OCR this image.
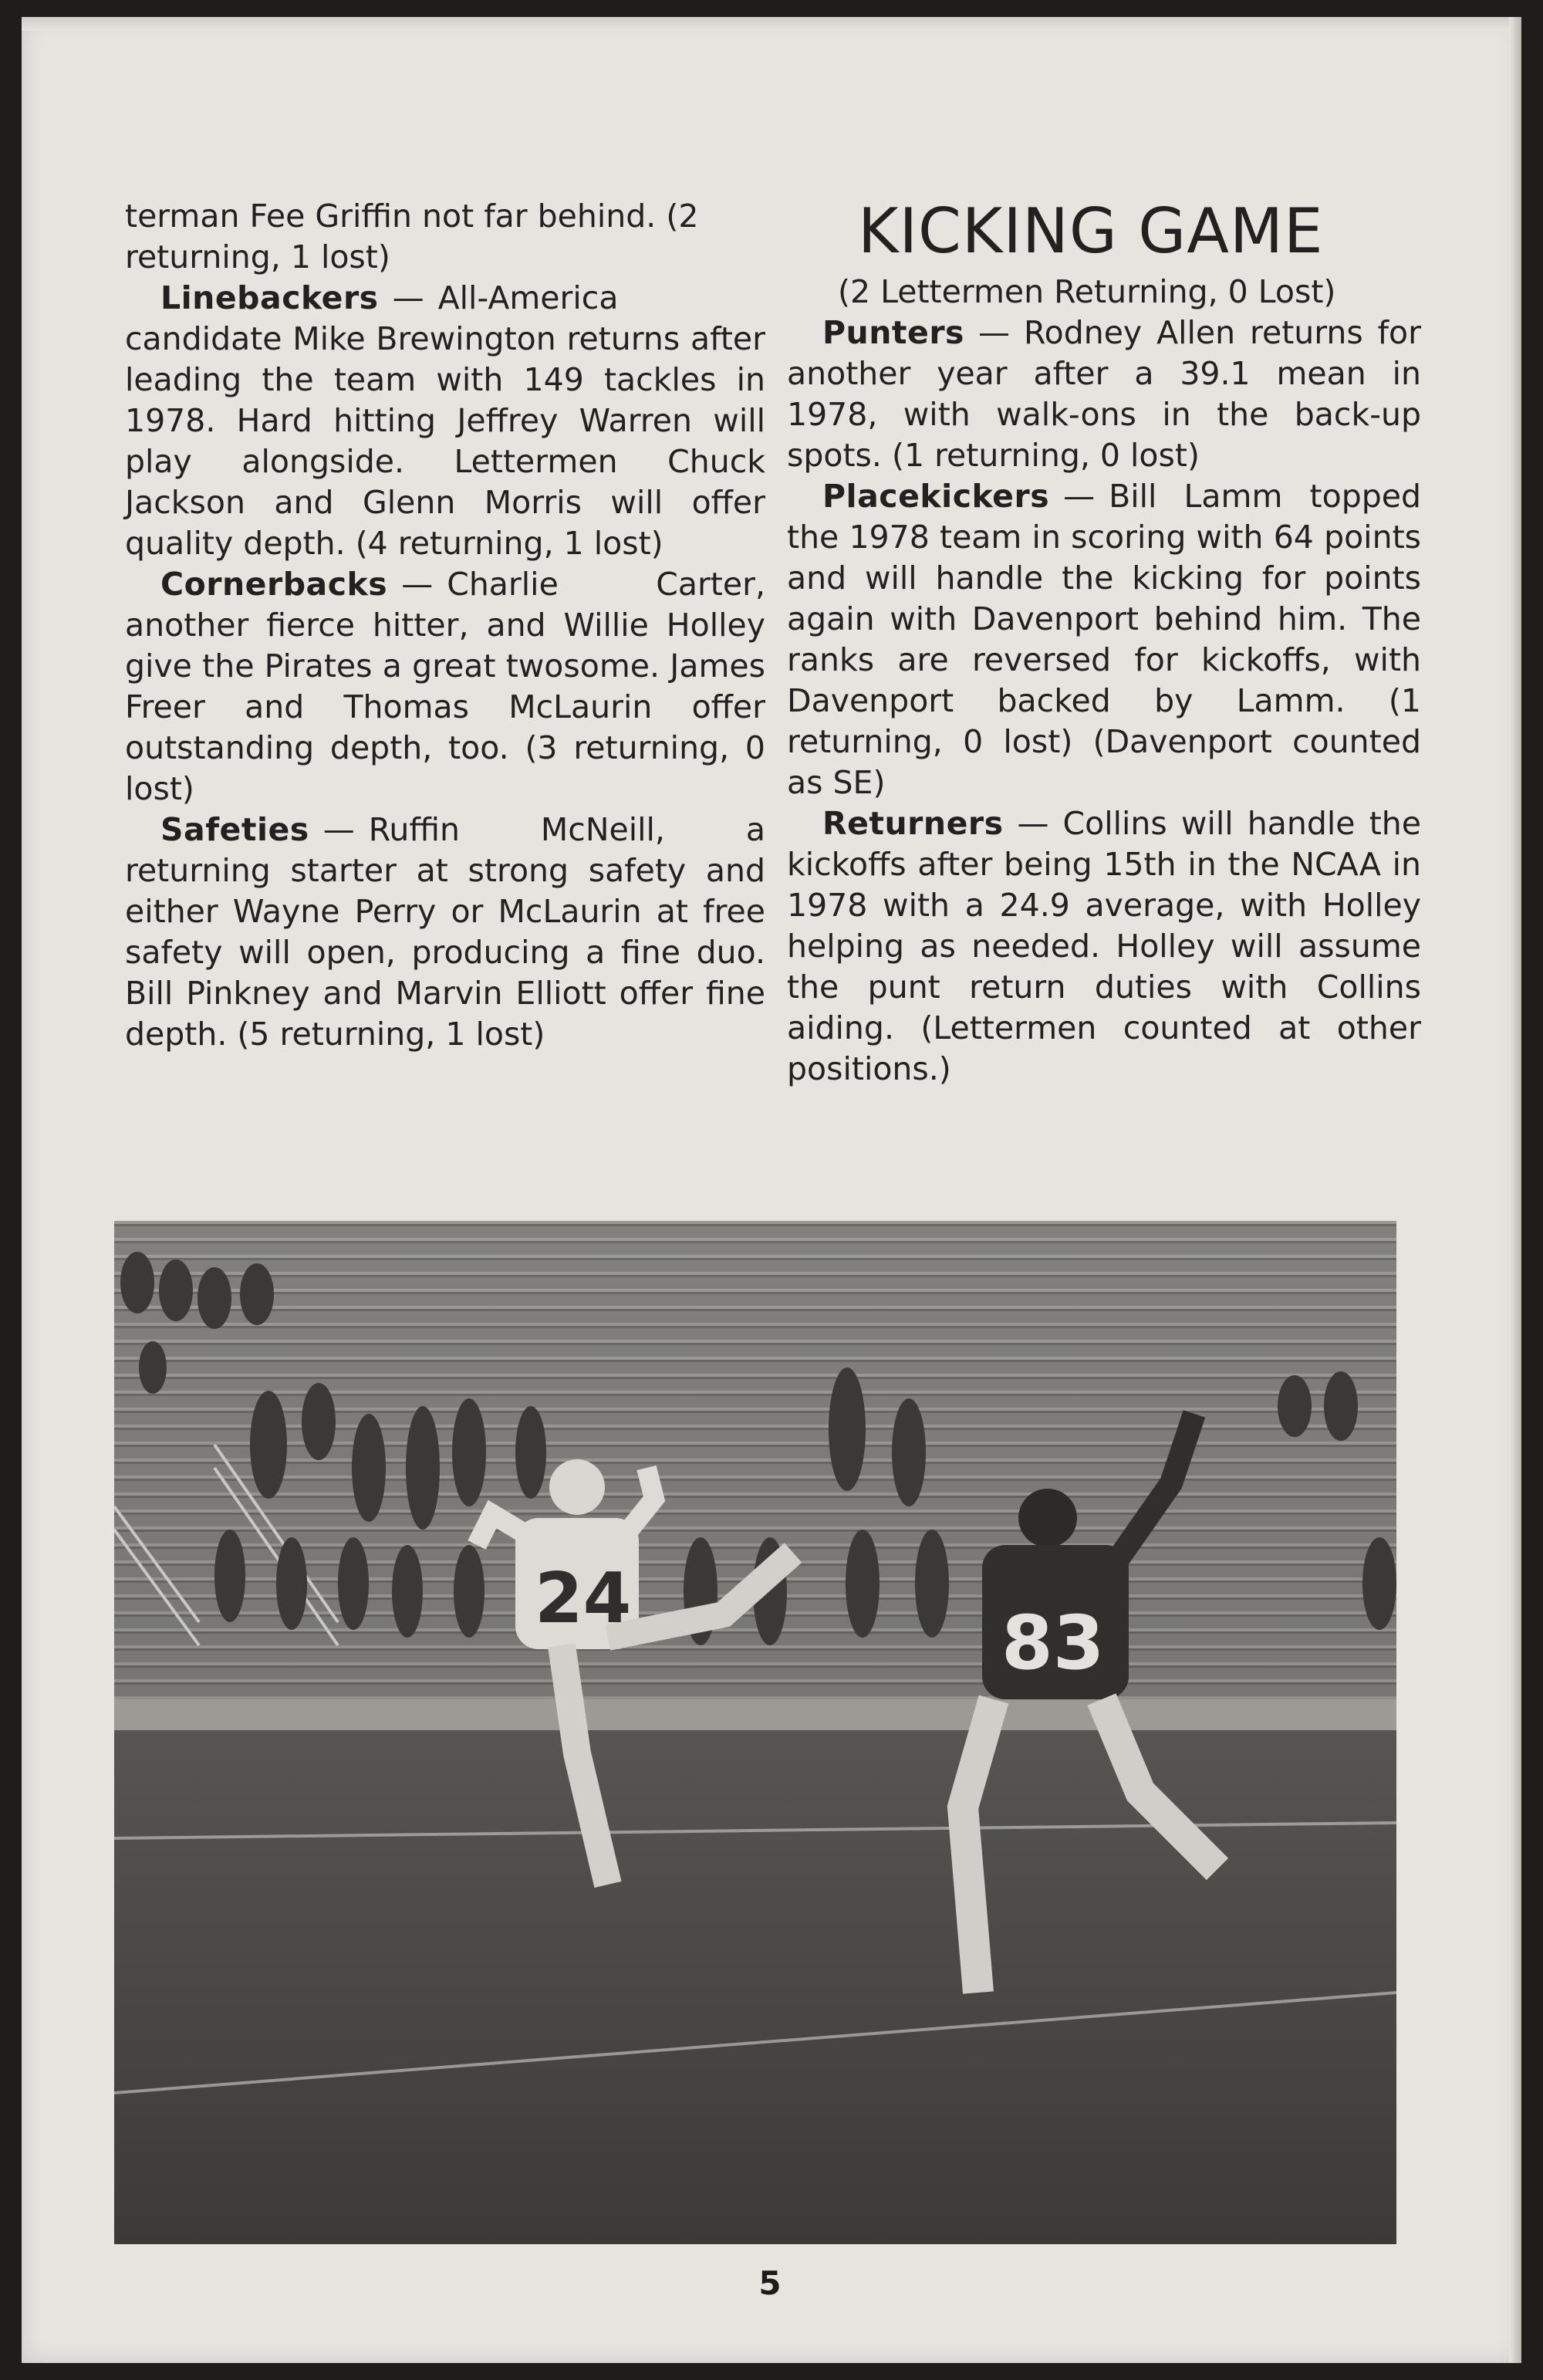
terman Fee Griffin not far behind. (2 returning, 1 lost)

Linebackers — All-America candidate Mike Brewington returns after leading the team with 149 tackles in 1978. Hard hitting Jeffrey Warren will play alongside. Lettermen Chuck Jackson and Glenn Morris will offer quality depth. (4 returning, 1 lost)

Cornerbacks — Charlie Carter, another fierce hitter, and Willie Holley give the Pirates a great twosome. James Freer and Thomas McLaurin offer outstanding depth, too. (3 returning, 0 lost)

Safeties — Ruffin McNeill, a returning starter at strong safety and either Wayne Perry or McLaurin at free safety will open, producing a fine duo. Bill Pinkney and Marvin Elliott offer fine depth. (5 returning, 1 lost)

KICKING GAME

(2 Lettermen Returning, 0 Lost)

Punters — Rodney Allen returns for another year after a 39.1 mean in 1978, with walk-ons in the back-up spots. (1 returning, 0 lost)

Placekickers — Bill Lamm topped the 1978 team in scoring with 64 points and will handle the kicking for points again with Davenport behind him. The ranks are reversed for kickoffs, with Davenport backed by Lamm. (1 returning, 0 lost) (Davenport counted as SE)

Returners — Collins will handle the kickoffs after being 15th in the NCAA in 1978 with a 24.9 average, with Holley helping as needed. Holley will assume the punt return duties with Collins aiding. (Lettermen counted at other positions.)

24
83
5
